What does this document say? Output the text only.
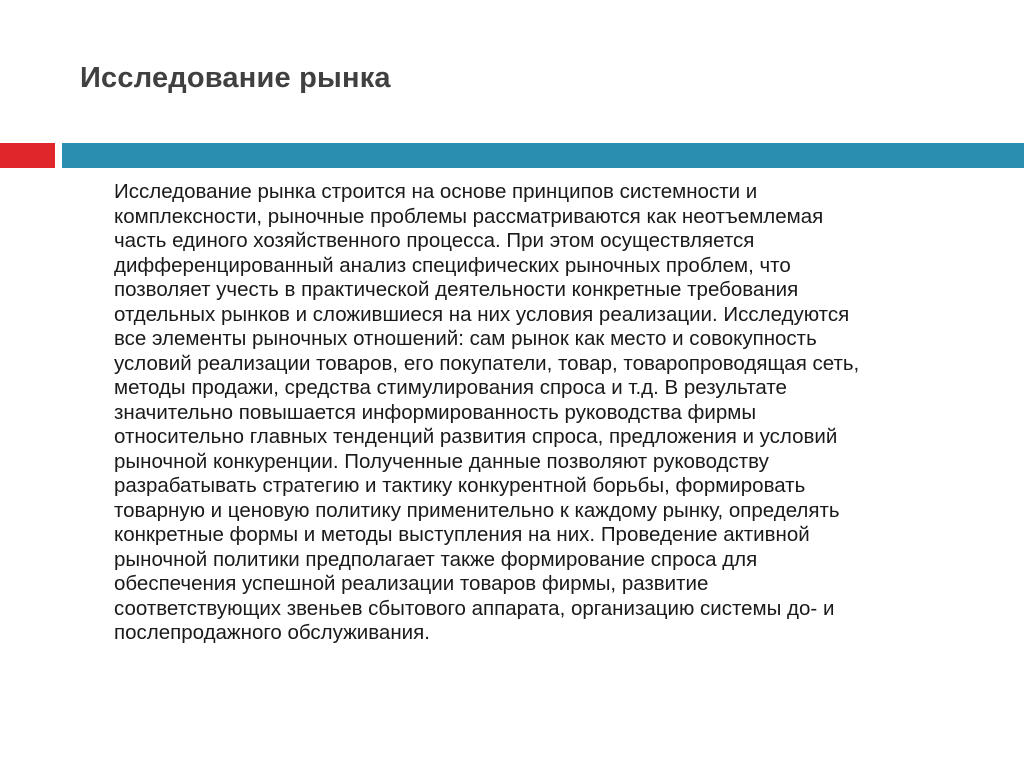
Исследование рынка

Исследование рынка строится на основе принципов системности и
комплексности, рыночные проблемы рассматриваются как неотъемлемая
часть единого хозяйственного процесса. При этом осуществляется
дифференцированный анализ специфических рыночных проблем, что
позволяет учесть в практической деятельности конкретные требования
отдельных рынков и сложившиеся на них условия реализации. Исследуются
все элементы рыночных отношений: сам рынок как место и совокупность
условий реализации товаров, его покупатели, товар, товаропроводящая сеть,
методы продажи, средства стимулирования спроса и т.д. В результате
значительно повышается информированность руководства фирмы
относительно главных тенденций развития спроса, предложения и условий
рыночной конкуренции. Полученные данные позволяют руководству
разрабатывать стратегию и тактику конкурентной борьбы, формировать
товарную и ценовую политику применительно к каждому рынку, определять
конкретные формы и методы выступления на них. Проведение активной
рыночной политики предполагает также формирование спроса для
обеспечения успешной реализации товаров фирмы, развитие
соответствующих звеньев сбытового аппарата, организацию системы до- и
послепродажного обслуживания.
